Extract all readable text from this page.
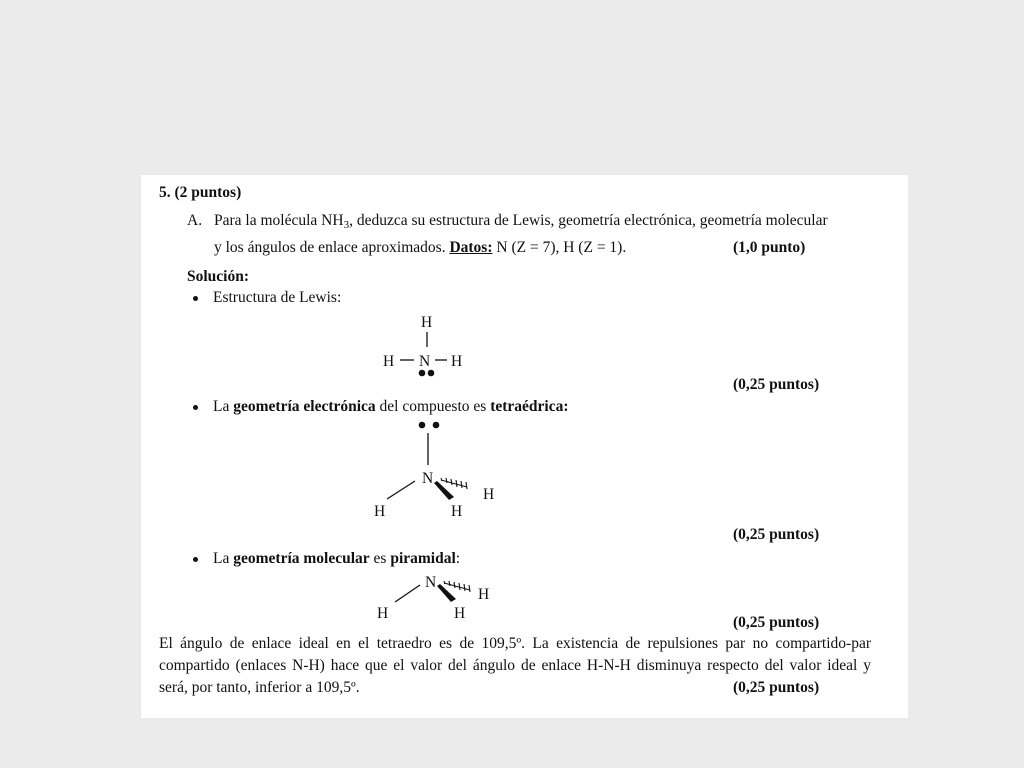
5. (2 puntos)
A. Para la molécula NH3, deduzca su estructura de Lewis, geometría electrónica, geometría molecular
y los ángulos de enlace aproximados. Datos: N (Z = 7), H (Z = 1).	(1,0 punto)
Solución:
Estructura de Lewis:
La geometría electrónica del compuesto es tetraédrica:
La geometría molecular es piramidal:
(0,25 puntos)
(0,25 puntos)
(0,25 puntos)
H
H N H
N
H	H
H
N
H	H
H
El ángulo de enlace ideal en el tetraedro es de 109,5º. La existencia de repulsiones par no compartido-par
compartido (enlaces N-H) hace que el valor del ángulo de enlace H-N-H disminuya respecto del valor ideal y
será, por tanto, inferior a 109,5º.	(0,25 puntos)
